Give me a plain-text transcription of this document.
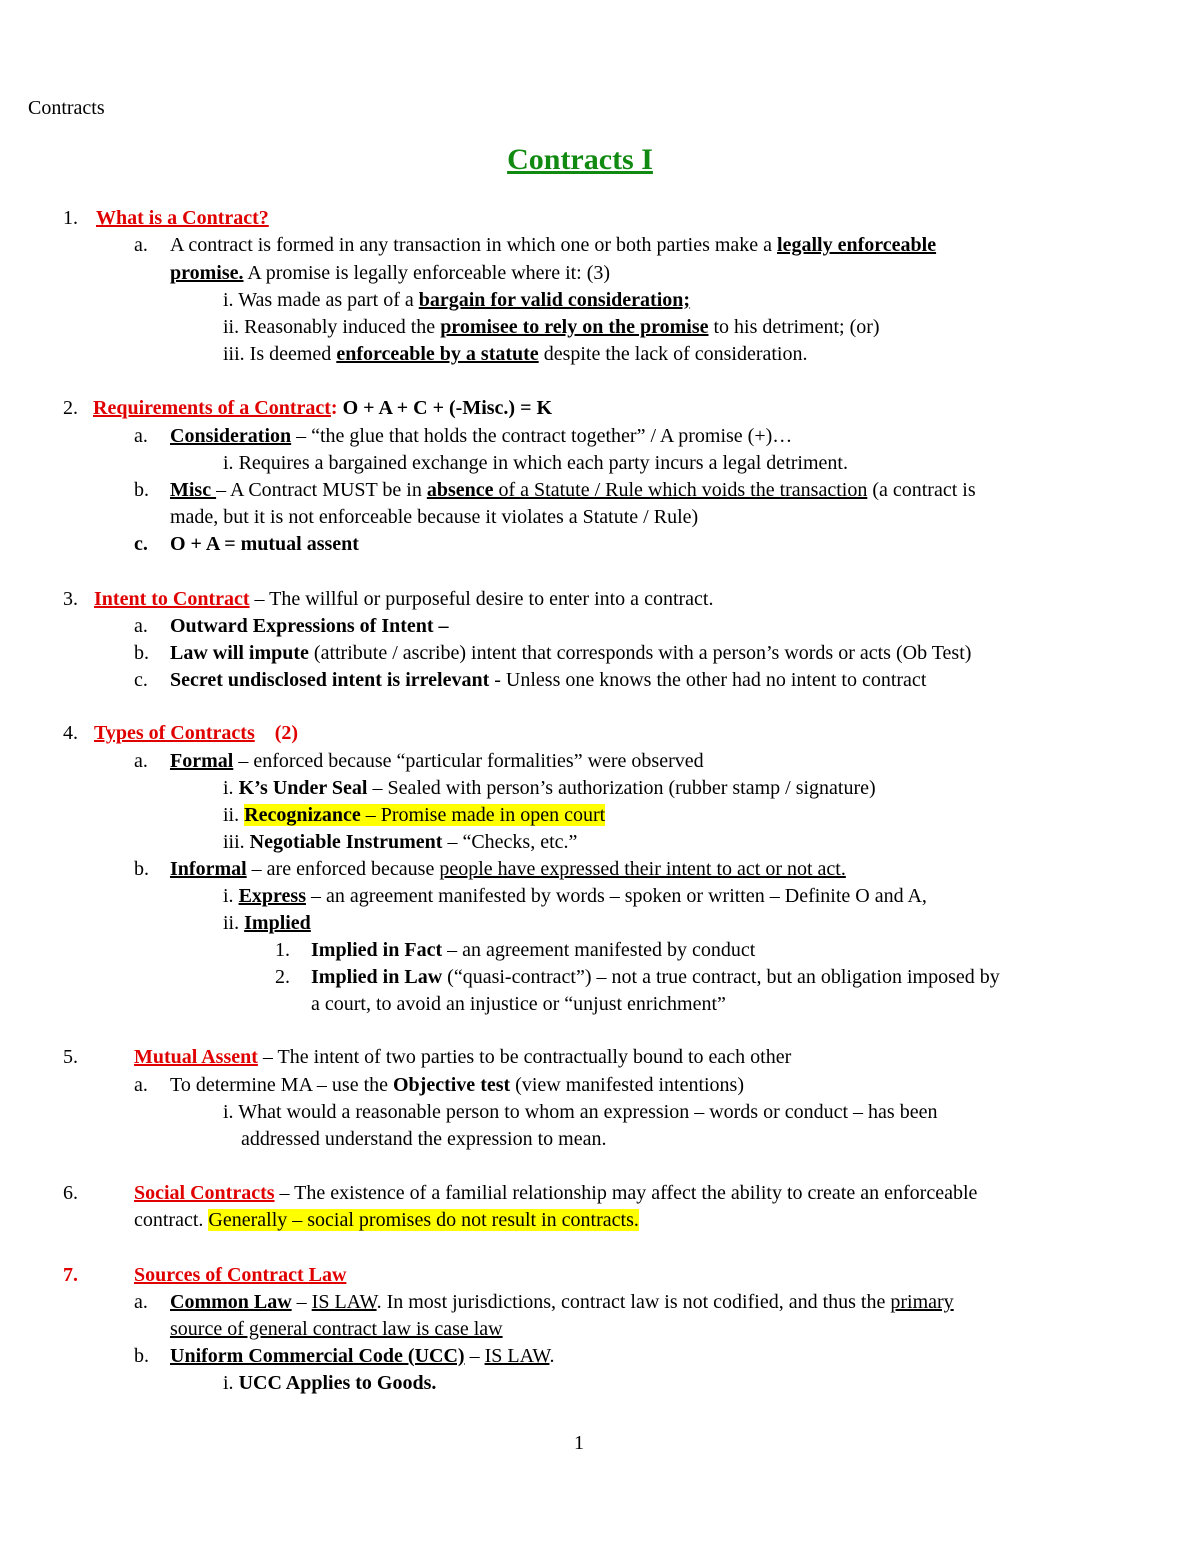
Contracts
Contracts I
1. What is a Contract?
a. A contract is formed in any transaction in which one or both parties make a legally enforceable
promise. A promise is legally enforceable where it: (3)
i. Was made as part of a bargain for valid consideration;
ii. Reasonably induced the promisee to rely on the promise to his detriment; (or)
iii. Is deemed enforceable by a statute despite the lack of consideration.
2. Requirements of a Contract: O + A + C + (-Misc.) = K
a. Consideration – “the glue that holds the contract together” / A promise (+)…
i. Requires a bargained exchange in which each party incurs a legal detriment.
b. Misc – A Contract MUST be in absence of a Statute / Rule which voids the transaction (a contract is
made, but it is not enforceable because it violates a Statute / Rule)
c. O + A = mutual assent
3. Intent to Contract – The willful or purposeful desire to enter into a contract.
a. Outward Expressions of Intent –
b. Law will impute (attribute / ascribe) intent that corresponds with a person’s words or acts (Ob Test)
c. Secret undisclosed intent is irrelevant - Unless one knows the other had no intent to contract
4. Types of Contracts (2)
a. Formal – enforced because “particular formalities” were observed
i. K’s Under Seal – Sealed with person’s authorization (rubber stamp / signature)
ii. Recognizance – Promise made in open court
iii. Negotiable Instrument – “Checks, etc.”
b. Informal – are enforced because people have expressed their intent to act or not act.
i. Express – an agreement manifested by words – spoken or written – Definite O and A,
ii. Implied
1. Implied in Fact – an agreement manifested by conduct
2. Implied in Law (“quasi-contract”) – not a true contract, but an obligation imposed by
a court, to avoid an injustice or “unjust enrichment”
5.	Mutual Assent – The intent of two parties to be contractually bound to each other
a. To determine MA – use the Objective test (view manifested intentions)
i. What would a reasonable person to whom an expression – words or conduct – has been
addressed understand the expression to mean.
6.	Social Contracts – The existence of a familial relationship may affect the ability to create an enforceable
contract. Generally – social promises do not result in contracts.
7.	Sources of Contract Law
a. Common Law – IS LAW. In most jurisdictions, contract law is not codified, and thus the primary
source of general contract law is case law
b. Uniform Commercial Code (UCC) – IS LAW.
i. UCC Applies to Goods.
1
